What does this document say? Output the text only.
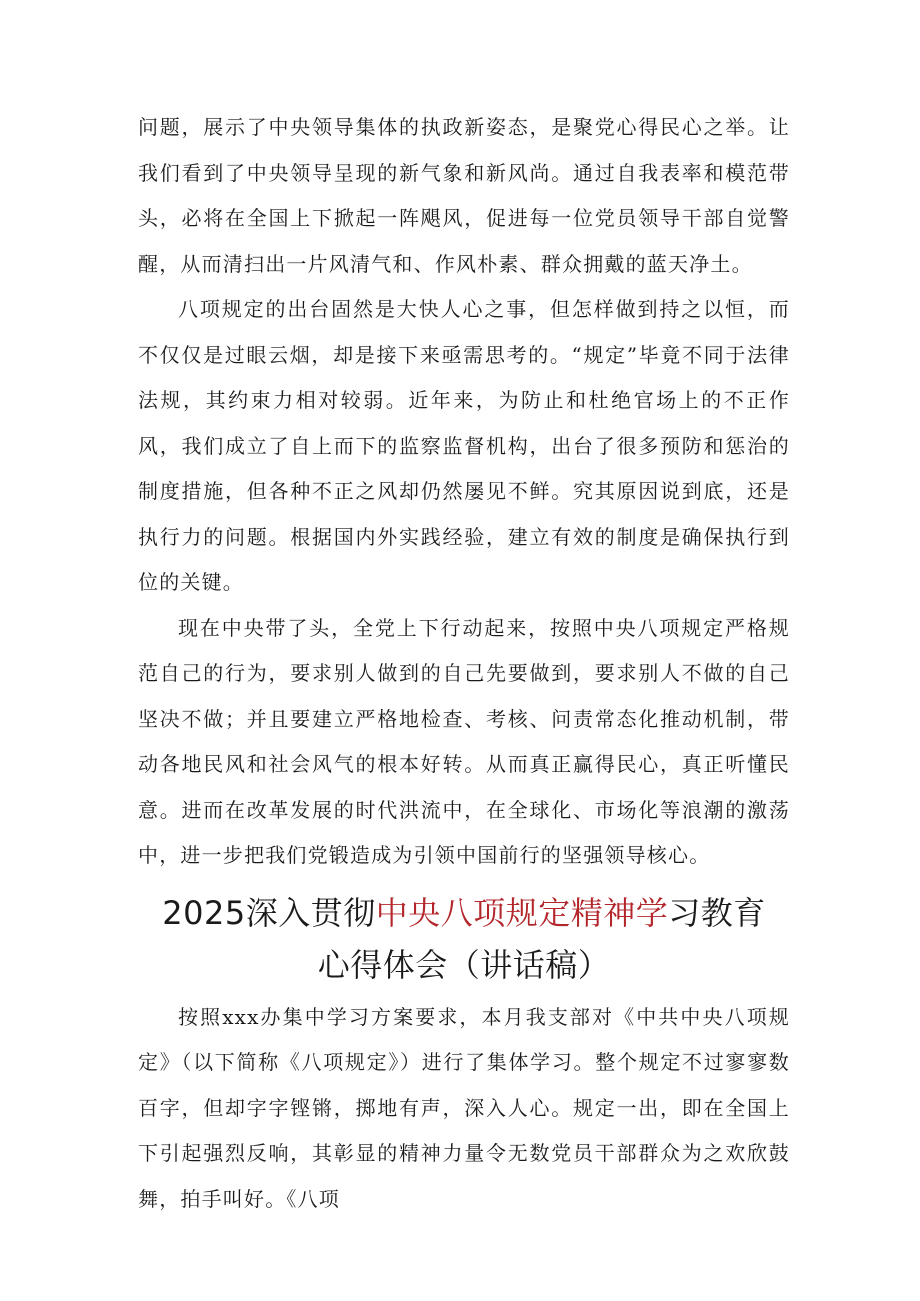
问题，展示了中央领导集体的执政新姿态，是聚党心得民心之举。让我们看到了中央领导呈现的新气象和新风尚。通过自我表率和模范带头，必将在全国上下掀起一阵飓风，促进每一位党员领导干部自觉警醒，从而清扫出一片风清气和、作风朴素、群众拥戴的蓝天净土。

八项规定的出台固然是大快人心之事，但怎样做到持之以恒，而不仅仅是过眼云烟，却是接下来亟需思考的。“规定”毕竟不同于法律法规，其约束力相对较弱。近年来，为防止和杜绝官场上的不正作风，我们成立了自上而下的监察监督机构，出台了很多预防和惩治的制度措施，但各种不正之风却仍然屡见不鲜。究其原因说到底，还是执行力的问题。根据国内外实践经验，建立有效的制度是确保执行到位的关键。

现在中央带了头，全党上下行动起来，按照中央八项规定严格规范自己的行为，要求别人做到的自己先要做到，要求别人不做的自己坚决不做；并且要建立严格地检查、考核、问责常态化推动机制，带动各地民风和社会风气的根本好转。从而真正赢得民心，真正听懂民意。进而在改革发展的时代洪流中，在全球化、市场化等浪潮的激荡中，进一步把我们党锻造成为引领中国前行的坚强领导核心。

2025深入贯彻中央八项规定精神学习教育
心得体会（讲话稿）

按照xxx办集中学习方案要求，本月我支部对《中共中央八项规定》（以下简称《八项规定》）进行了集体学习。整个规定不过寥寥数百字，但却字字铿锵，掷地有声，深入人心。规定一出，即在全国上下引起强烈反响，其彰显的精神力量令无数党员干部群众为之欢欣鼓舞，拍手叫好。《八项
